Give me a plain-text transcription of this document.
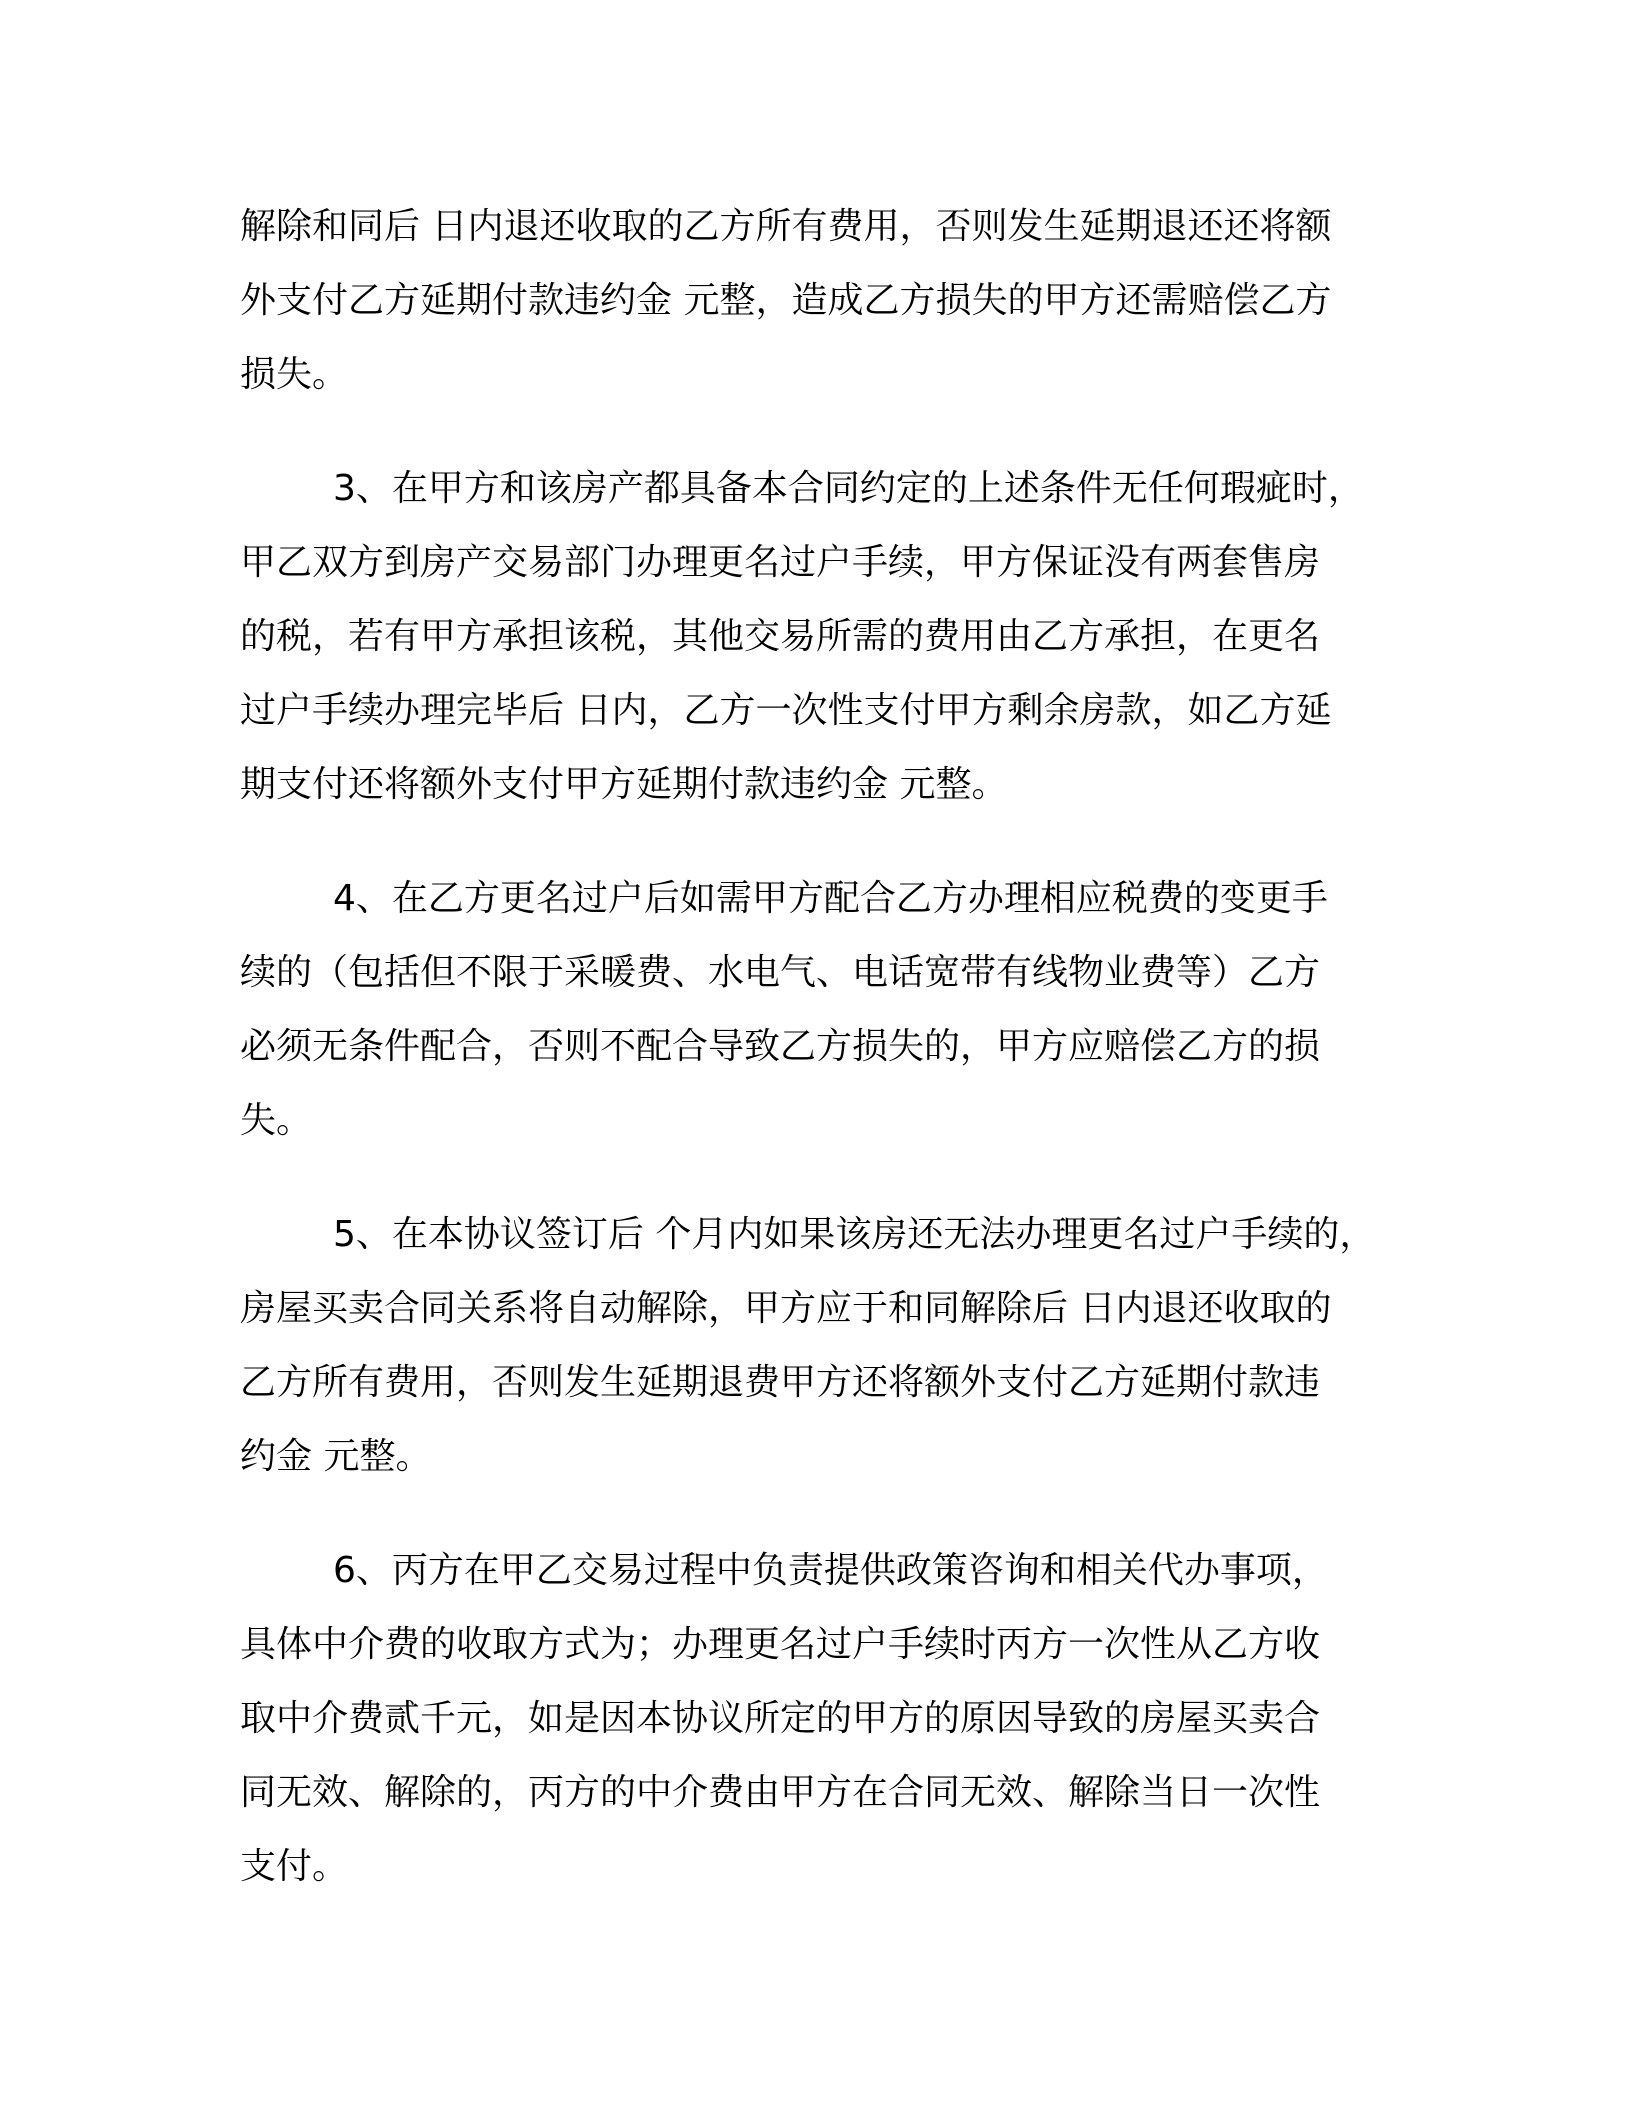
解除和同后 日内退还收取的乙方所有费用，否则发生延期退还还将额
外支付乙方延期付款违约金 元整，造成乙方损失的甲方还需赔偿乙方
损失。
3、在甲方和该房产都具备本合同约定的上述条件无任何瑕疵时，
甲乙双方到房产交易部门办理更名过户手续，甲方保证没有两套售房
的税，若有甲方承担该税，其他交易所需的费用由乙方承担，在更名
过户手续办理完毕后 日内，乙方一次性支付甲方剩余房款，如乙方延
期支付还将额外支付甲方延期付款违约金 元整。
4、在乙方更名过户后如需甲方配合乙方办理相应税费的变更手
续的（包括但不限于采暖费、水电气、电话宽带有线物业费等）乙方
必须无条件配合，否则不配合导致乙方损失的，甲方应赔偿乙方的损
失。
5、在本协议签订后 个月内如果该房还无法办理更名过户手续的，
房屋买卖合同关系将自动解除，甲方应于和同解除后 日内退还收取的
乙方所有费用，否则发生延期退费甲方还将额外支付乙方延期付款违
约金 元整。
6、丙方在甲乙交易过程中负责提供政策咨询和相关代办事项，
具体中介费的收取方式为；办理更名过户手续时丙方一次性从乙方收
取中介费贰千元，如是因本协议所定的甲方的原因导致的房屋买卖合
同无效、解除的，丙方的中介费由甲方在合同无效、解除当日一次性
支付。
